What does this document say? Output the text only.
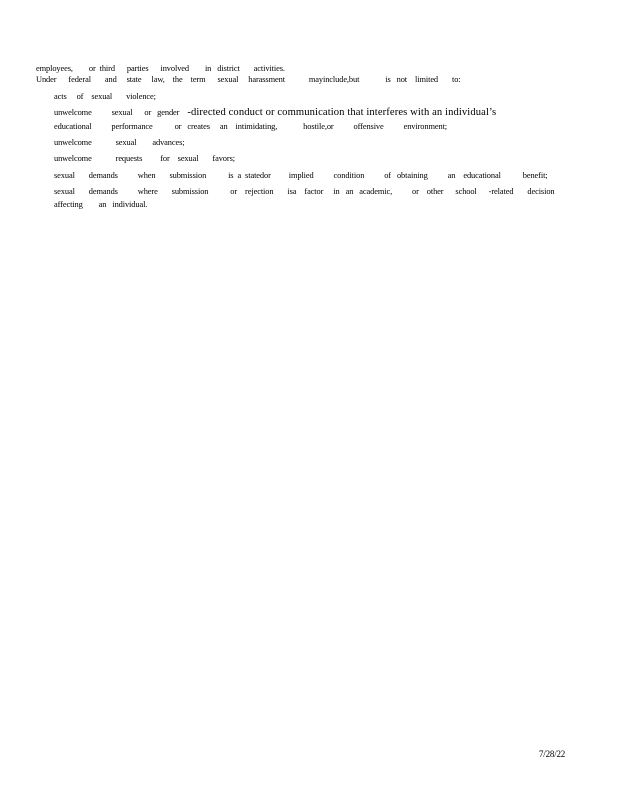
employees,        or  third      parties      involved        in   district       activities.
Under      federal       and     state     law,    the    term      sexual     harassment            mayinclude,but             is   not    limited       to:
acts     of    sexual       violence;
unwelcome          sexual      or   gender    -directed conduct or communication that interferes with an individual’s
educational          performance           or   creates     an    intimidating,             hostile,or          offensive          environment;
unwelcome            sexual        advances;
unwelcome            requests         for    sexual       favors;
sexual       demands          when       submission           is  a  statedor         implied          condition          of   obtaining          an    educational           benefit;
sexual       demands          where       submission           or    rejection       isa    factor     in   an   academic,          or    other      school      -related       decision
affecting        an   individual.
7/28/22
